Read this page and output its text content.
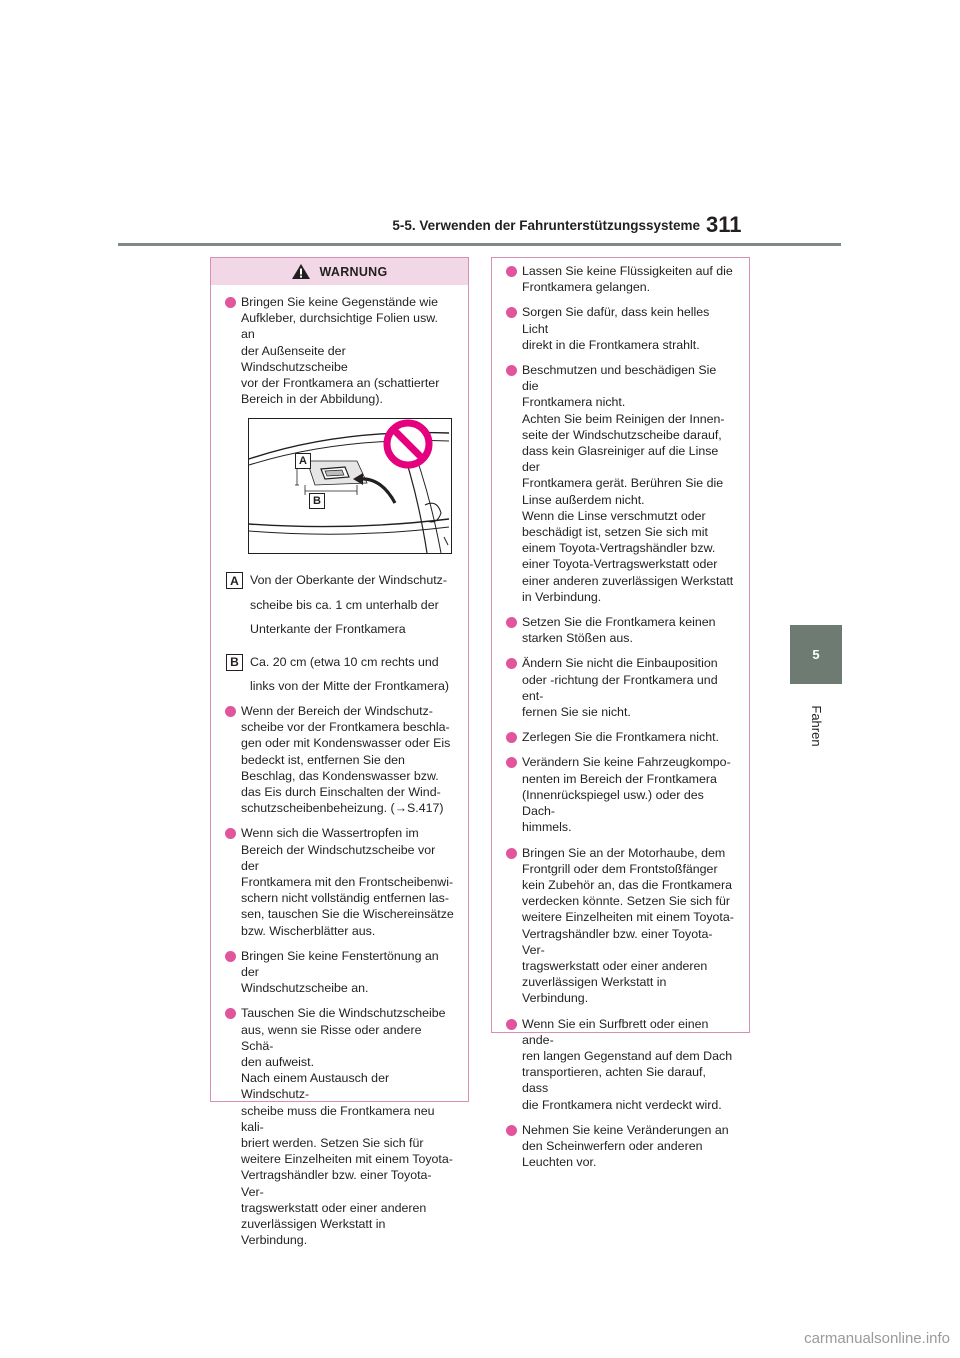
5-5. Verwenden der Fahrunterstützungssysteme 311
5
Fahren
WARNUNG
Bringen Sie keine Gegenstände wie
Aufkleber, durchsichtige Folien usw. an
der Außenseite der Windschutzscheibe
vor der Frontkamera an (schattierter
Bereich in der Abbildung).
A
B
A Von der Oberkante der Windschutz-
scheibe bis ca. 1 cm unterhalb der
Unterkante der Frontkamera
B Ca. 20 cm (etwa 10 cm rechts und
links von der Mitte der Frontkamera)
Wenn der Bereich der Windschutz-
scheibe vor der Frontkamera beschla-
gen oder mit Kondenswasser oder Eis
bedeckt ist, entfernen Sie den
Beschlag, das Kondenswasser bzw.
das Eis durch Einschalten der Wind-
schutzscheibenbeheizung. (→S.417)
Wenn sich die Wassertropfen im
Bereich der Windschutzscheibe vor der
Frontkamera mit den Frontscheibenwi-
schern nicht vollständig entfernen las-
sen, tauschen Sie die Wischereinsätze
bzw. Wischerblätter aus.
Bringen Sie keine Fenstertönung an der
Windschutzscheibe an.
Tauschen Sie die Windschutzscheibe
aus, wenn sie Risse oder andere Schä-
den aufweist.
Nach einem Austausch der Windschutz-
scheibe muss die Frontkamera neu kali-
briert werden. Setzen Sie sich für
weitere Einzelheiten mit einem Toyota-
Vertragshändler bzw. einer Toyota-Ver-
tragswerkstatt oder einer anderen
zuverlässigen Werkstatt in Verbindung.
Lassen Sie keine Flüssigkeiten auf die
Frontkamera gelangen.
Sorgen Sie dafür, dass kein helles Licht
direkt in die Frontkamera strahlt.
Beschmutzen und beschädigen Sie die
Frontkamera nicht.
Achten Sie beim Reinigen der Innen-
seite der Windschutzscheibe darauf,
dass kein Glasreiniger auf die Linse der
Frontkamera gerät. Berühren Sie die
Linse außerdem nicht.
Wenn die Linse verschmutzt oder
beschädigt ist, setzen Sie sich mit
einem Toyota-Vertragshändler bzw.
einer Toyota-Vertragswerkstatt oder
einer anderen zuverlässigen Werkstatt
in Verbindung.
Setzen Sie die Frontkamera keinen
starken Stößen aus.
Ändern Sie nicht die Einbauposition
oder -richtung der Frontkamera und ent-
fernen Sie sie nicht.
Zerlegen Sie die Frontkamera nicht.
Verändern Sie keine Fahrzeugkompo-
nenten im Bereich der Frontkamera
(Innenrückspiegel usw.) oder des Dach-
himmels.
Bringen Sie an der Motorhaube, dem
Frontgrill oder dem Frontstoßfänger
kein Zubehör an, das die Frontkamera
verdecken könnte. Setzen Sie sich für
weitere Einzelheiten mit einem Toyota-
Vertragshändler bzw. einer Toyota-Ver-
tragswerkstatt oder einer anderen
zuverlässigen Werkstatt in Verbindung.
Wenn Sie ein Surfbrett oder einen ande-
ren langen Gegenstand auf dem Dach
transportieren, achten Sie darauf, dass
die Frontkamera nicht verdeckt wird.
Nehmen Sie keine Veränderungen an
den Scheinwerfern oder anderen
Leuchten vor.
carmanualsonline.info
